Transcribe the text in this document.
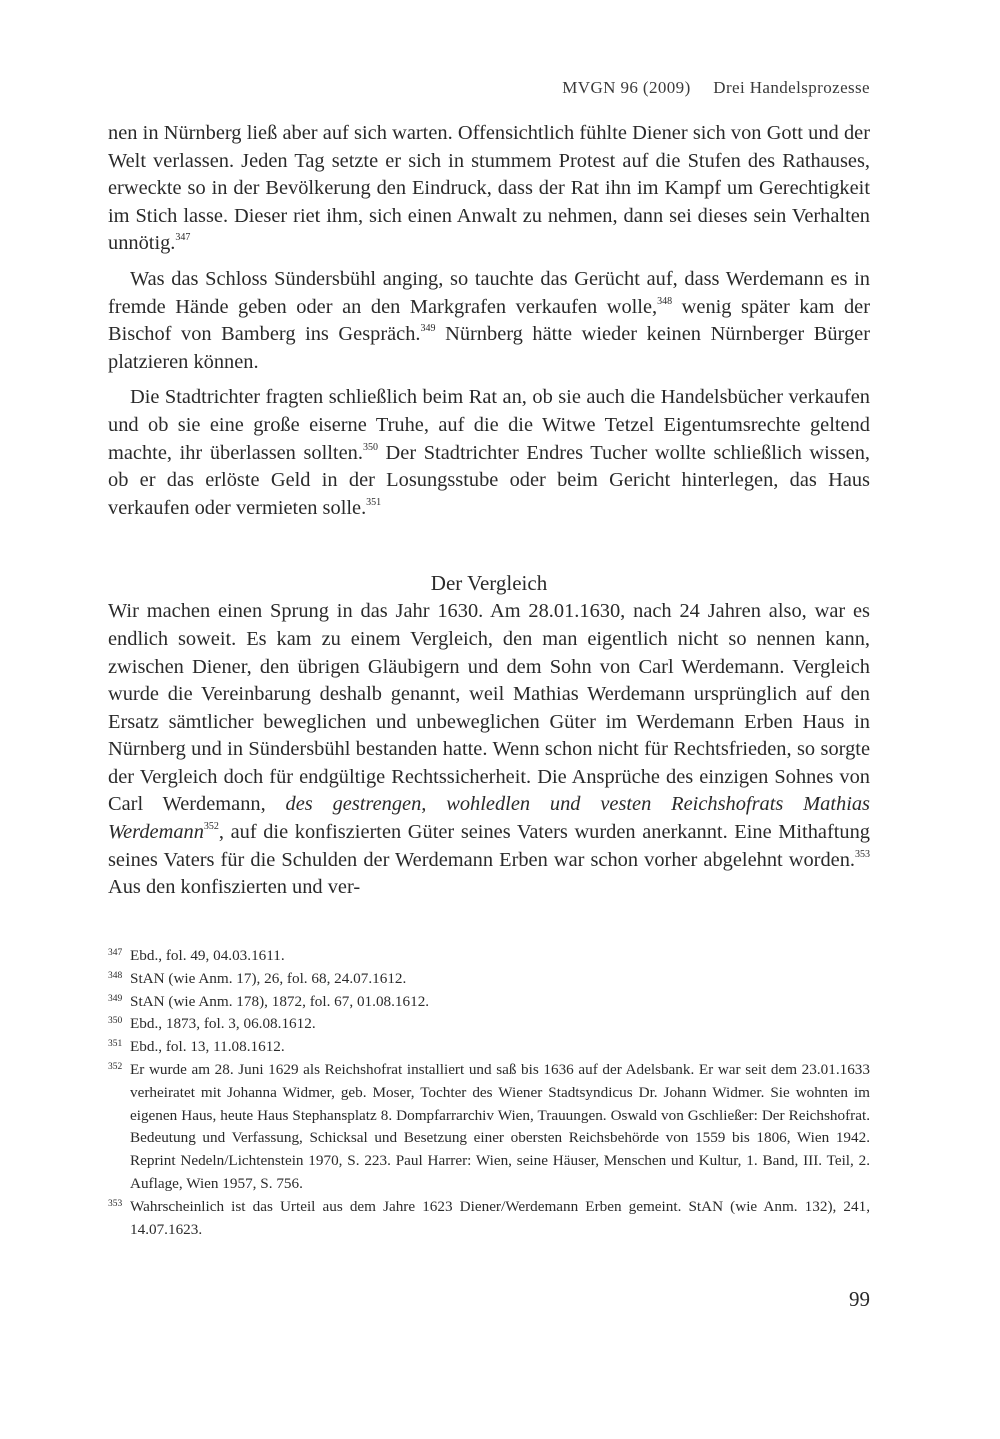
MVGN 96 (2009) Drei Handelsprozesse

nen in Nürnberg ließ aber auf sich warten. Offensichtlich fühlte Diener sich von Gott und der Welt verlassen. Jeden Tag setzte er sich in stummem Protest auf die Stufen des Rathauses, erweckte so in der Bevölkerung den Eindruck, dass der Rat ihn im Kampf um Gerechtigkeit im Stich lasse. Dieser riet ihm, sich einen Anwalt zu nehmen, dann sei dieses sein Verhalten unnötig.$^{347}$

Was das Schloss Sündersbühl anging, so tauchte das Gerücht auf, dass Werdemann es in fremde Hände geben oder an den Markgrafen verkaufen wolle,$^{348}$ wenig später kam der Bischof von Bamberg ins Gespräch.$^{349}$ Nürnberg hätte wieder keinen Nürnberger Bürger platzieren können.

Die Stadtrichter fragten schließlich beim Rat an, ob sie auch die Handelsbücher verkaufen und ob sie eine große eiserne Truhe, auf die die Witwe Tetzel Eigentumsrechte geltend machte, ihr überlassen sollten.$^{350}$ Der Stadtrichter Endres Tucher wollte schließlich wissen, ob er das erlöste Geld in der Losungsstube oder beim Gericht hinterlegen, das Haus verkaufen oder vermieten solle.$^{351}$

Der Vergleich

Wir machen einen Sprung in das Jahr 1630. Am 28.01.1630, nach 24 Jahren also, war es endlich soweit. Es kam zu einem Vergleich, den man eigentlich nicht so nennen kann, zwischen Diener, den übrigen Gläubigern und dem Sohn von Carl Werdemann. Vergleich wurde die Vereinbarung deshalb genannt, weil Mathias Werdemann ursprünglich auf den Ersatz sämtlicher beweglichen und unbeweglichen Güter im Werdemann Erben Haus in Nürnberg und in Sündersbühl bestanden hatte. Wenn schon nicht für Rechtsfrieden, so sorgte der Vergleich doch für endgültige Rechtssicherheit. Die Ansprüche des einzigen Sohnes von Carl Werdemann, des gestrengen, wohledlen und vesten Reichshofrats Mathias Werdemann$^{352}$, auf die konfiszierten Güter seines Vaters wurden anerkannt. Eine Mithaftung seines Vaters für die Schulden der Werdemann Erben war schon vorher abgelehnt worden.$^{353}$ Aus den konfiszierten und ver-

347 Ebd., fol. 49, 04.03.1611.

348 StAN (wie Anm. 17), 26, fol. 68, 24.07.1612.

349 StAN (wie Anm. 178), 1872, fol. 67, 01.08.1612.

350 Ebd., 1873, fol. 3, 06.08.1612.

351 Ebd., fol. 13, 11.08.1612.

352 Er wurde am 28. Juni 1629 als Reichshofrat installiert und saß bis 1636 auf der Adelsbank. Er war seit dem 23.01.1633 verheiratet mit Johanna Widmer, geb. Moser, Tochter des Wiener Stadtsyndicus Dr. Johann Widmer. Sie wohnten im eigenen Haus, heute Haus Stephansplatz 8. Dompfarrarchiv Wien, Trauungen. Oswald von Gschließer: Der Reichshofrat. Bedeutung und Verfassung, Schicksal und Besetzung einer obersten Reichsbehörde von 1559 bis 1806, Wien 1942. Reprint Nedeln/Lichtenstein 1970, S. 223. Paul Harrer: Wien, seine Häuser, Menschen und Kultur, 1. Band, III. Teil, 2. Auflage, Wien 1957, S. 756.

353 Wahrscheinlich ist das Urteil aus dem Jahre 1623 Diener/Werdemann Erben gemeint. StAN (wie Anm. 132), 241, 14.07.1623.

99
